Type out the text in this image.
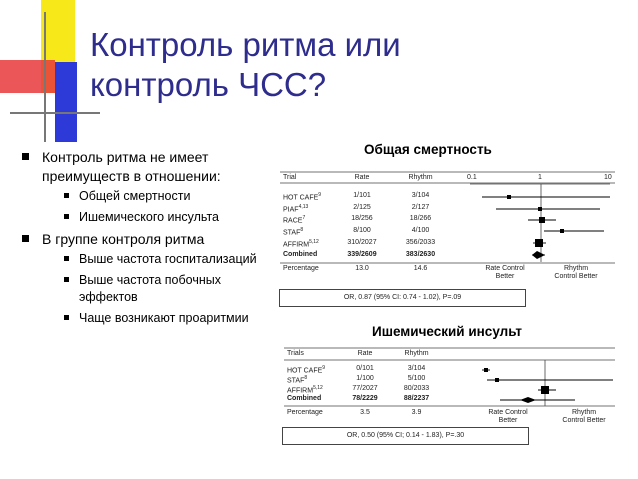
Контроль ритма или
контроль ЧСС?
Контроль ритма не имеет преимуществ в отношении:
Общей смертности
Ишемического инсульта
В группе контроля ритма
Выше частота госпитализаций
Выше частота побочных эффектов
Чаще возникают проаритмии
Общая смертность
Trial	Rate	Rhythm	0.1	1	10
HOT CAFE$^9$	1/101	3/104
PIAF$^{4,13}$	2/125	2/127
RACE$^7$	18/256	18/266
STAF$^8$	8/100	4/100
AFFIRM$^{5,12}$	310/2027	356/2033
Combined	339/2609	383/2630
Percentage	13.0	14.6	Rate Control Better
Rhythm Control Better
OR, 0.87 (95% CI: 0.74 - 1.02), P=.09
Ишемический инсульт
Trials	Rate	Rhythm
HOT CAFE$^9$	0/101	3/104
STAF$^8$	1/100	5/100
AFFIRM$^{5,12}$	77/2027	80/2033
Combined	78/2229	88/2237
Percentage	3.5	3.9	Rate Control Better
Rhythm Control Better
OR, 0.50 (95% CI; 0.14 - 1.83), P=.30
